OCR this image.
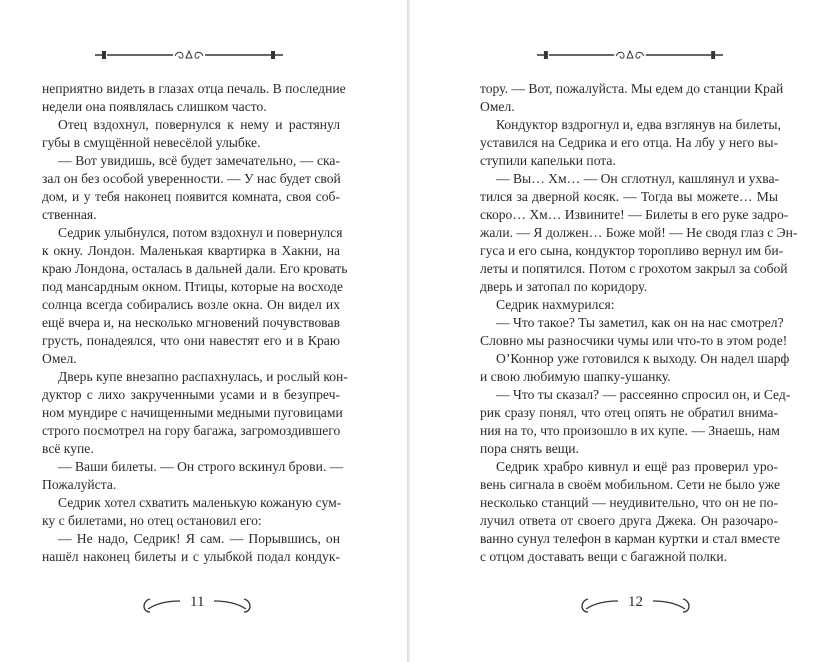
неприятно видеть в глазах отца печаль. В последние
недели она появлялась слишком часто.
Отец вздохнул, повернулся к нему и растянул
губы в смущённой невесёлой улыбке.
— Вот увидишь, всё будет замечательно, — ска-
зал он без особой уверенности. — У нас будет свой
дом, и у тебя наконец появится комната, своя соб-
ственная.
Седрик улыбнулся, потом вздохнул и повернулся
к окну. Лондон. Маленькая квартирка в Хакни, на
краю Лондона, осталась в дальней дали. Его кровать
под мансардным окном. Птицы, которые на восходе
солнца всегда собирались возле окна. Он видел их
ещё вчера и, на несколько мгновений почувствовав
грусть, понадеялся, что они навестят его и в Краю
Омел.
Дверь купе внезапно распахнулась, и рослый кон-
дуктор с лихо закрученными усами и в безупреч-
ном мундире с начищенными медными пуговицами
строго посмотрел на гору багажа, загромоздившего
всё купе.
— Ваши билеты. — Он строго вскинул брови. —
Пожалуйста.
Седрик хотел схватить маленькую кожаную сум-
ку с билетами, но отец остановил его:
— Не надо, Седрик! Я сам. — Порывшись, он
нашёл наконец билеты и с улыбкой подал кондук-
11
тору. — Вот, пожалуйста. Мы едем до станции Край
Омел.
Кондуктор вздрогнул и, едва взглянув на билеты,
уставился на Седрика и его отца. На лбу у него вы-
ступили капельки пота.
— Вы… Хм… — Он сглотнул, кашлянул и ухва-
тился за дверной косяк. — Тогда вы можете… Мы
скоро… Хм… Извините! — Билеты в его руке задро-
жали. — Я должен… Боже мой! — Не сводя глаз с Эн-
гуса и его сына, кондуктор торопливо вернул им би-
леты и попятился. Потом с грохотом закрыл за собой
дверь и затопал по коридору.
Седрик нахмурился:
— Что такое? Ты заметил, как он на нас смотрел?
Словно мы разносчики чумы или что-то в этом роде!
О’Коннор уже готовился к выходу. Он надел шарф
и свою любимую шапку-ушанку.
— Что ты сказал? — рассеянно спросил он, и Сед-
рик сразу понял, что отец опять не обратил внима-
ния на то, что произошло в их купе. — Знаешь, нам
пора снять вещи.
Седрик храбро кивнул и ещё раз проверил уро-
вень сигнала в своём мобильном. Сети не было уже
несколько станций — неудивительно, что он не по-
лучил ответа от своего друга Джека. Он разочаро-
ванно сунул телефон в карман куртки и стал вместе
с отцом доставать вещи с багажной полки.
12
